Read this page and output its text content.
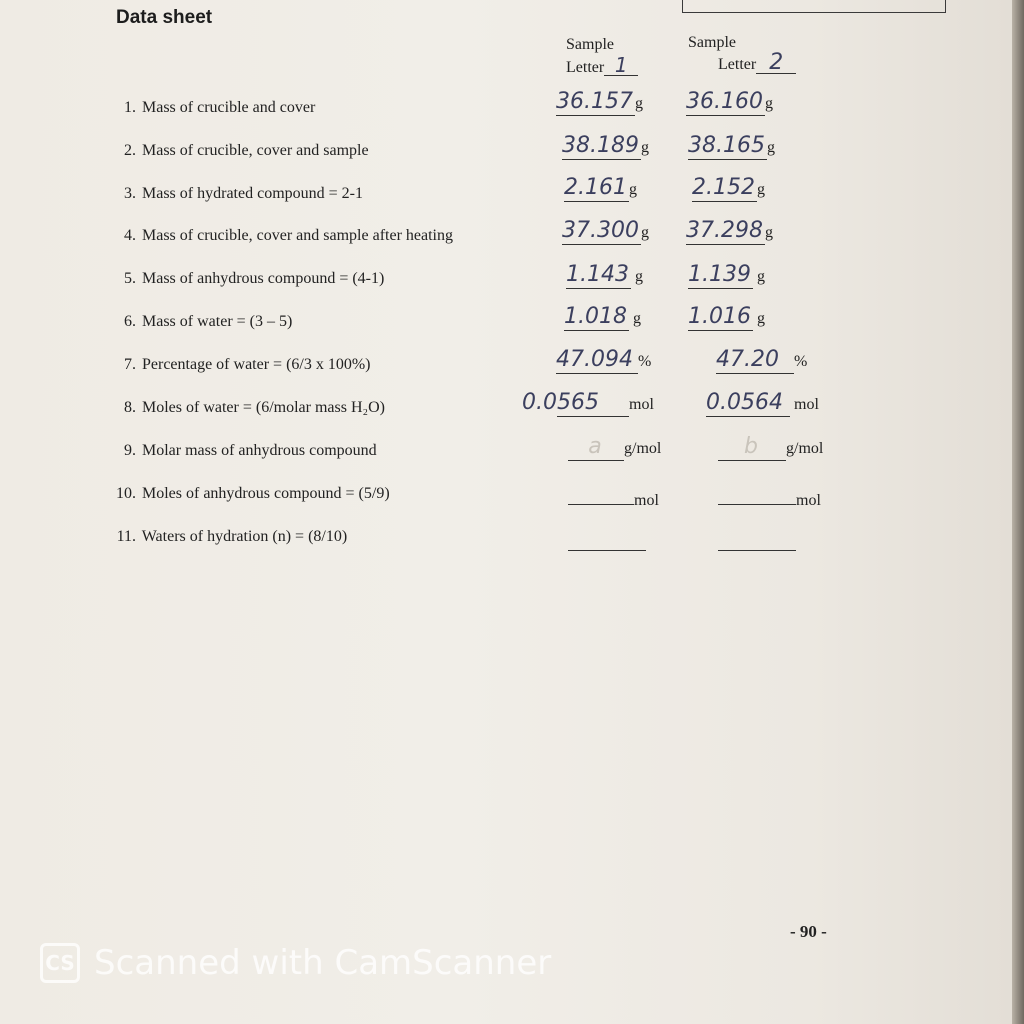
Data sheet
Sample
Letter 1
Sample
Letter 2
1. Mass of crucible and cover	36.157 g 36.160 g
2. Mass of crucible, cover and sample	38.189 g 38.165 g
3. Mass of hydrated compound = 2-1	2.161 g	2.152 g
4. Mass of crucible, cover and sample after heating	37.300 g 37.298 g
5. Mass of anhydrous compound = (4-1)	1.143 g 1.139 g
6. Mass of water = (3 – 5)	1.018 g 1.016 g
7. Percentage of water = (6/3 x 100%)	47.094 %	47.20 %
8. Moles of water = (6/molar mass H₂O)	0.0565 mol 0.0564 mol
9. Molar mass of anhydrous compound	a g/mol	b g/mol
10. Moles of anhydrous compound = (5/9)	mol	mol
11. Waters of hydration (n) = (8/10)
- 90 -
CS Scanned with CamScanner
